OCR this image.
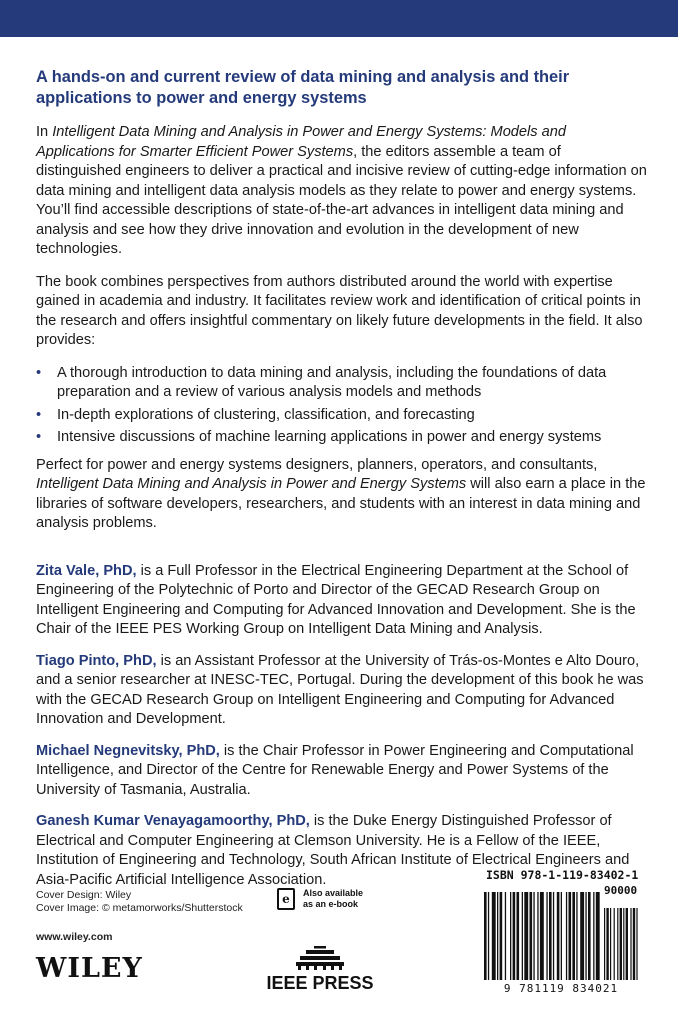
A hands-on and current review of data mining and analysis and their applications to power and energy systems

In Intelligent Data Mining and Analysis in Power and Energy Systems: Models and Applications for Smarter Efficient Power Systems, the editors assemble a team of distinguished engineers to deliver a practical and incisive review of cutting-edge information on data mining and intelligent data analysis models as they relate to power and energy systems. You’ll find accessible descriptions of state-of-the-art advances in intelligent data mining and analysis and see how they drive innovation and evolution in the development of new technologies.

The book combines perspectives from authors distributed around the world with expertise gained in academia and industry. It facilitates review work and identification of critical points in the research and offers insightful commentary on likely future developments in the field. It also provides:

• A thorough introduction to data mining and analysis, including the foundations of data preparation and a review of various analysis models and methods
• In-depth explorations of clustering, classification, and forecasting
• Intensive discussions of machine learning applications in power and energy systems

Perfect for power and energy systems designers, planners, operators, and consultants, Intelligent Data Mining and Analysis in Power and Energy Systems will also earn a place in the libraries of software developers, researchers, and students with an interest in data mining and analysis problems.

Zita Vale, PhD, is a Full Professor in the Electrical Engineering Department at the School of Engineering of the Polytechnic of Porto and Director of the GECAD Research Group on Intelligent Engineering and Computing for Advanced Innovation and Development. She is the Chair of the IEEE PES Working Group on Intelligent Data Mining and Analysis.

Tiago Pinto, PhD, is an Assistant Professor at the University of Trás-os-Montes e Alto Douro, and a senior researcher at INESC-TEC, Portugal. During the development of this book he was with the GECAD Research Group on Intelligent Engineering and Computing for Advanced Innovation and Development.

Michael Negnevitsky, PhD, is the Chair Professor in Power Engineering and Computational Intelligence, and Director of the Centre for Renewable Energy and Power Systems of the University of Tasmania, Australia.

Ganesh Kumar Venayagamoorthy, PhD, is the Duke Energy Distinguished Professor of Electrical and Computer Engineering at Clemson University. He is a Fellow of the IEEE, Institution of Engineering and Technology, South African Institute of Electrical Engineers and Asia-Pacific Artificial Intelligence Association.

Cover Design: Wiley
Cover Image: © metamorworks/Shutterstock
e	Also available
as an e-book
www.wiley.com
WILEY	IEEE PRESS
ISBN 978-1-119-83402-1
90000
9 781119 834021
